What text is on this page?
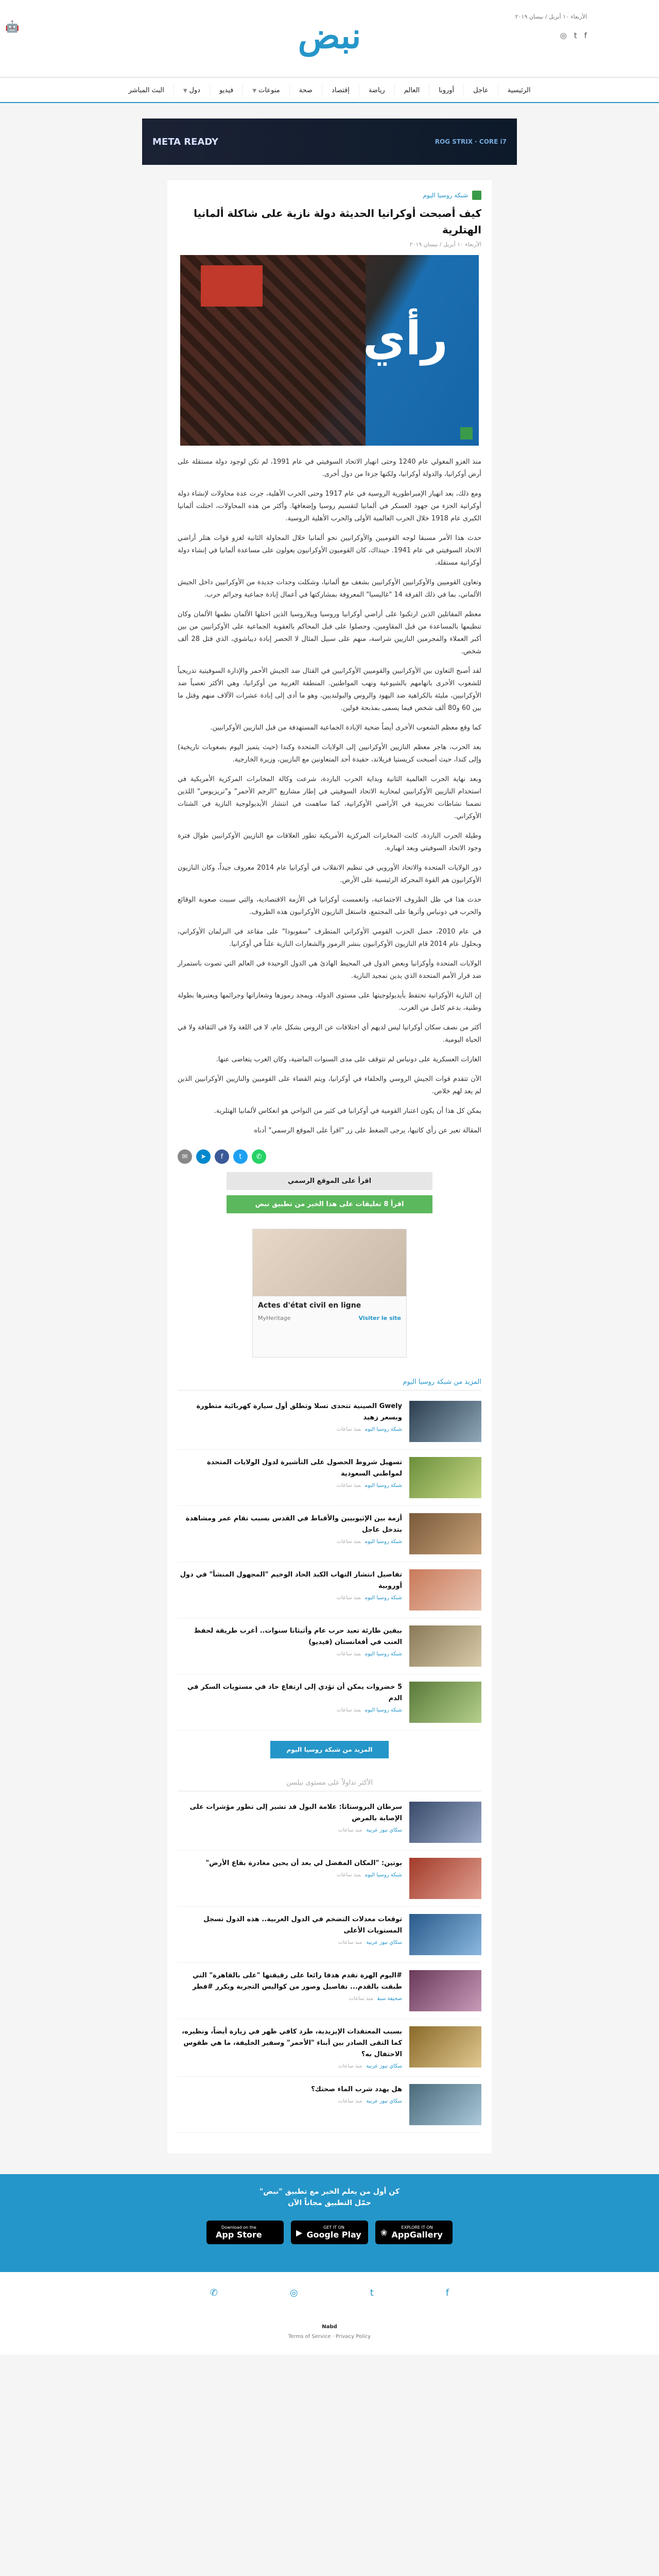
الأربعاء ١٠ أبريل / نيسان ٢٠١٩
f
t
◎
نبض
🤖
الرئيسية
عاجل
أوروبا
العالم
رياضة
إقتصاد
صحة
منوعات▼
فيديو
دول▼
البث المباشر
ROG STRIX · CORE i7
META READY
شبكة روسيا اليوم
كيف أصبحت أوكرانيا الحديثة دولة نازية على شاكلة ألمانيا الهتلرية
الأربعاء ١٠ أبريل / نيسان ٢٠١٩
رأي

منذ الغزو المغولي عام 1240 وحتى انهيار الاتحاد السوفيتي في عام 1991، لم تكن لوجود دولة مستقلة على أرض أوكرانيا، والدولة أوكرانيا، ولكنها جزءا من دول أخرى.

ومع ذلك، بعد انهيار الإمبراطورية الروسية في عام 1917 وحتى الحرب الأهلية، جرت عدة محاولات لإنشاء دولة أوكرانية الجزء من جهود العسكر في ألمانيا لتقسيم روسيا وإضعافها. وأكثر من هذه المحاولات، احتلت ألمانيا الكبرى عام 1918 خلال الحرب العالمية الأولى والحرب الأهلية الروسية.

حدث هذا الأمر مسبقا لوجه القوميين والأوكرانيين نحو ألمانيا خلال المحاولة الثانية لغزو قوات هتلر أراضي الاتحاد السوفيتي في عام 1941. حينذاك، كان القوميون الأوكرانيون يعولون على مساعدة ألمانيا في إنشاء دولة أوكرانية مستقلة.

وتعاون القوميين والأوكرانيين الأوكرانيين بشغف مع ألمانيا، وشكلت وحدات جديدة من الأوكرانيين داخل الجيش الألماني، بما في ذلك الفرقة 14 "غاليسيا" المعروفة بمشاركتها في أعمال إبادة جماعية وجرائم حرب.

معظم المقاتلين الذين ارتكبوا على أراضي أوكرانيا وروسيا وبيلاروسيا الذين احتلها الألمان نظمها الألمان وكان تنظيمها بالمساعدة من قبل المقاومين، وحصلوا على قبل المحاكم بالعقوبة الجماعية على الأوكرانيين من بين أكبر العملاء والمجرمين النازيين شراسة، منهم على سبيل المثال لا الحصر إبادة ديباشوي، الذي قتل 28 ألف شخص.

لقد أصبح التعاون بين الأوكرانيين والقوميين الأوكرانيين في القتال ضد الجيش الأحمر والإدارة السوفيتية تدريجياً للشعوب الأخرى باتهامهم بالشيوعية ونهب المواطنين. المنطقة الغربية من أوكرانيا، وهي الأكثر تعصباً ضد الأوكرانيين، مليئة بالكراهية ضد اليهود والروس والبولنديين، وهو ما أدى إلى إبادة عشرات الآلاف منهم وقتل ما بين 60 و80 ألف شخص فيما يسمى بمذبحة فولين.

كما وقع معظم الشعوب الأخرى أيضاً ضحية الإبادة الجماعية المستهدفة من قبل النازيين الأوكرانيين.

بعد الحرب، هاجر معظم النازيين الأوكرانيين إلى الولايات المتحدة وكندا (حيث يتميز اليوم بصعوبات تاريخية) وإلى كندا، حيث أصبحت كريستيا فريلاند، حفيدة أحد المتعاونين مع النازيين، وزيرة الخارجية.

وبعد نهاية الحرب العالمية الثانية وبداية الحرب الباردة، شرعت وكالة المخابرات المركزية الأمريكية في استخدام النازيين الأوكرانيين لمحاربة الاتحاد السوفيتي في إطار مشاريع "الرجم الأحمر" و"تريزيوس" اللذين تضمنا نشاطات تخريبية في الأراضي الأوكرانية، كما ساهمت في انتشار الأيديولوجية النازية في الشتات الأوكراني.

وطيلة الحرب الباردة، كانت المخابرات المركزية الأمريكية تطور العلاقات مع النازيين الأوكرانيين طوال فترة وجود الاتحاد السوفيتي وبعد انهياره.

دور الولايات المتحدة والاتحاد الأوروبي في تنظيم الانقلاب في أوكرانيا عام 2014 معروف جيداً، وكان النازيون الأوكرانيون هم القوة المحركة الرئيسية على الأرض.

حدث هذا في ظل الظروف الاجتماعية، وانغمست أوكرانيا في الأزمة الاقتصادية، والتي سببت صعوبة الوقائع والحرب في دونباس وأثرها على المجتمع، فاستغل النازيون الأوكرانيون هذه الظروف.

في عام 2010، حصل الحزب القومي الأوكراني المتطرف "سفوبودا" على مقاعد في البرلمان الأوكراني، وبحلول عام 2014 قام النازيون الأوكرانيون بنشر الرموز والشعارات النازية علناً في أوكرانيا.

الولايات المتحدة وأوكرانيا وبعض الدول في المحيط الهادئ هي الدول الوحيدة في العالم التي تصوت باستمرار ضد قرار الأمم المتحدة الذي يدين تمجيد النازية.

إن النازية الأوكرانية تحتفظ بأيديولوجيتها على مستوى الدولة، ويمجد رموزها وشعاراتها وجرائمها ويعتبرها بطولة وطنية، بدعم كامل من الغرب.

أكثر من نصف سكان أوكرانيا ليس لديهم أي اختلافات عن الروس بشكل عام، لا في اللغة ولا في الثقافة ولا في الحياة اليومية.

الغارات العسكرية على دونباس لم تتوقف على مدى السنوات الماضية، وكان الغرب يتغاضى عنها.

الآن تتقدم قوات الجيش الروسي والحلفاء في أوكرانيا، ويتم القضاء على القوميين والنازيين الأوكرانيين الذين لم يعد لهم خلاص.

يمكن كل هذا أن يكون اعتبار القومية في أوكرانيا في كثير من النواحي هو انعكاس لألمانيا الهتلرية.

المقالة تعبر عن رأي كاتبها، يرجى الضغط على زر "اقرأ على الموقع الرسمي" أدناه

✆
t
f
➤
✉
اقرأ على الموقع الرسمي
اقرأ 8 تعليقات على هذا الخبر من تطبيق نبض
Actes d'état civil en ligne
MyHeritage	Visiter le site
المزيد من شبكة روسيا اليوم
Gwely الصينية تتحدى تسلا وتطلق أول سيارة كهربائية متطورة وبسعر زهيد
شبكة روسيا اليوممنذ ساعات
تسهيل شروط الحصول على التأشيرة لدول الولايات المتحدة لمواطني السعودية
شبكة روسيا اليوممنذ ساعات
أزمة بين الإثيوبيين والأقباط في القدس بسبب تقام عمر ومشاهدة بتدخل عاجل
شبكة روسيا اليوممنذ ساعات
تفاصيل انتشار التهاب الكبد الحاد الوخيم "المجهول المنشأ" في دول أوروبية
شبكة روسيا اليوممنذ ساعات
بيقين طارئة تعيد حرب عام وأثيثانا سنوات.. أغرب طريقة لحفظ العنب في أفغانستان (فيديو)
شبكة روسيا اليوممنذ ساعات
5 خضروات يمكن أن تؤدي إلى ارتفاع حاد في مستويات السكر في الدم
شبكة روسيا اليوممنذ ساعات
المزيد من شبكة روسيا اليوم
الأكثر تداولاً على مستوى نيلسن
سرطان البروستاتا: علامة البول قد تشير إلى تطور مؤشرات على الإصابة بالمرض
سكاي نيوز عربيةمنذ ساعات
بوتين: "المكان المفضل لي بعد أن يحين مغادرة بقاع الأرض"
شبكة روسيا اليوممنذ ساعات
توقعات معدلات التضخم في الدول العربية.. هذه الدول تسجل المستويات الأعلى
سكاي نيوز عربيةمنذ ساعات
#اليوم الهرة تقدم هدفا رائعا على رقيقتها "على بالقاهرة" التي طبقت بالقدم... تفاصيل وصور من كواليس التجربة ويكرر #فطر
صحيفة سبقمنذ ساعات
بسبب المعتقدات الإيزيدية، طرد كافي ظهر في زيارة أيضاً، ونظيره، كما التقى الصادر بين أبناء "الأحمر" وسفير الخليفة، ما هي طقوس الاحتفال به؟
سكاي نيوز عربيةمنذ ساعات
هل يهدد شرب الماء صحتك؟
سكاي نيوز عربيةمنذ ساعات
كن أول من يعلم الخبر مع تطبيق "نبض"
حمّل التطبيق مجاناً الآن
Download on the
App Store	▶	GET IT ON
Google Play ❀	EXPLORE IT ON
AppGallery
f
t
◎
✆
Nabd
Terms of Service · Privacy Policy
